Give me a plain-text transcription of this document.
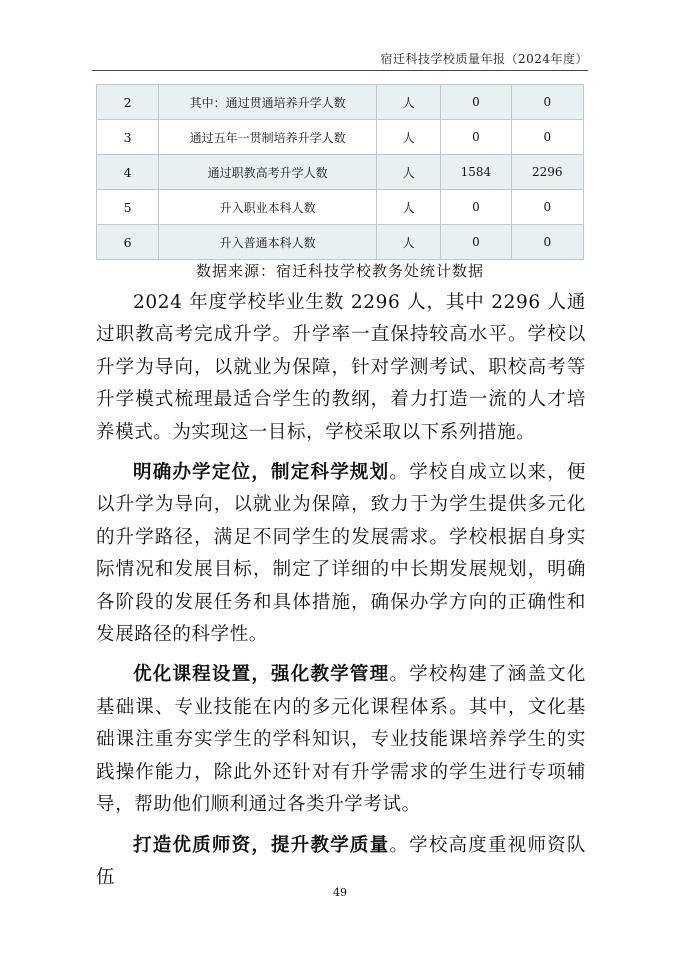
宿迁科技学校质量年报（2024年度）
2	其中：通过贯通培养升学人数	人	0	0
3	通过五年一贯制培养升学人数	人	0	0
4	通过职教高考升学人数	人	1584	2296
5	升入职业本科人数	人	0	0
6	升入普通本科人数	人	0	0
数据来源：宿迁科技学校教务处统计数据

2024 年度学校毕业生数 2296 人，其中 2296 人通过职教高考完成升学。升学率一直保持较高水平。学校以升学为导向，以就业为保障，针对学测考试、职校高考等升学模式梳理最适合学生的教纲，着力打造一流的人才培养模式。为实现这一目标，学校采取以下系列措施。

明确办学定位，制定科学规划。学校自成立以来，便以升学为导向，以就业为保障，致力于为学生提供多元化的升学路径，满足不同学生的发展需求。学校根据自身实际情况和发展目标，制定了详细的中长期发展规划，明确各阶段的发展任务和具体措施，确保办学方向的正确性和发展路径的科学性。

优化课程设置，强化教学管理。学校构建了涵盖文化基础课、专业技能在内的多元化课程体系。其中，文化基础课注重夯实学生的学科知识，专业技能课培养学生的实践操作能力，除此外还针对有升学需求的学生进行专项辅导，帮助他们顺利通过各类升学考试。

打造优质师资，提升教学质量。学校高度重视师资队伍

49
